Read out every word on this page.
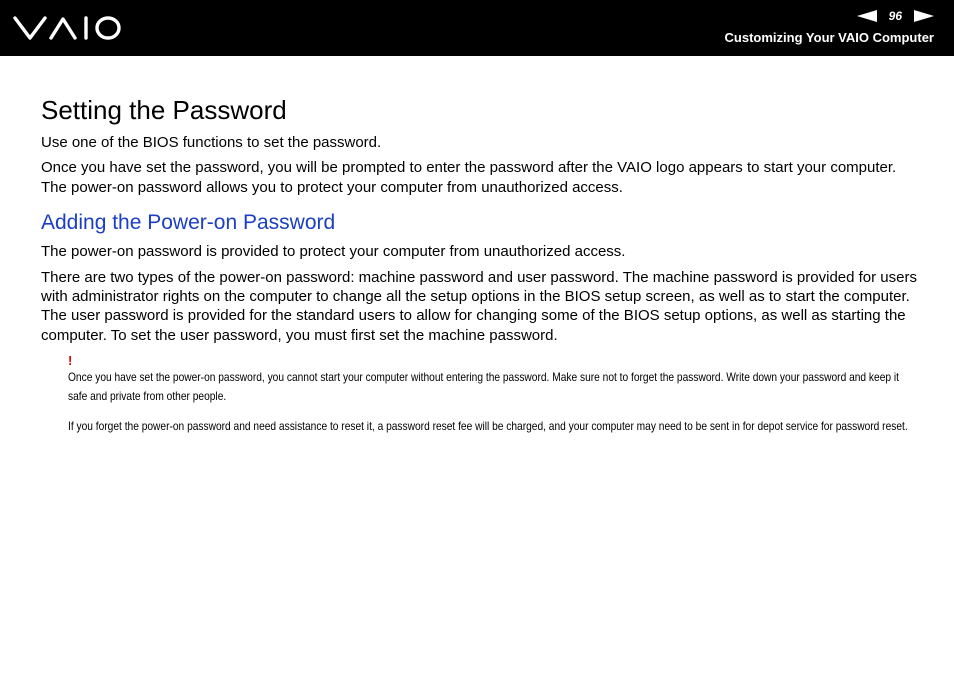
96
Customizing Your VAIO Computer
Setting the Password

Use one of the BIOS functions to set the password.

Once you have set the password, you will be prompted to enter the password after the VAIO logo appears to start your computer. The power-on password allows you to protect your computer from unauthorized access.

Adding the Power-on Password

The power-on password is provided to protect your computer from unauthorized access.

There are two types of the power-on password: machine password and user password. The machine password is provided for users with administrator rights on the computer to change all the setup options in the BIOS setup screen, as well as to start the computer. The user password is provided for the standard users to allow for changing some of the BIOS setup options, as well as starting the computer. To set the user password, you must first set the machine password.

!

Once you have set the power-on password, you cannot start your computer without entering the password. Make sure not to forget the password. Write down your password and keep it safe and private from other people.

If you forget the power-on password and need assistance to reset it, a password reset fee will be charged, and your computer may need to be sent in for depot service for password reset.
